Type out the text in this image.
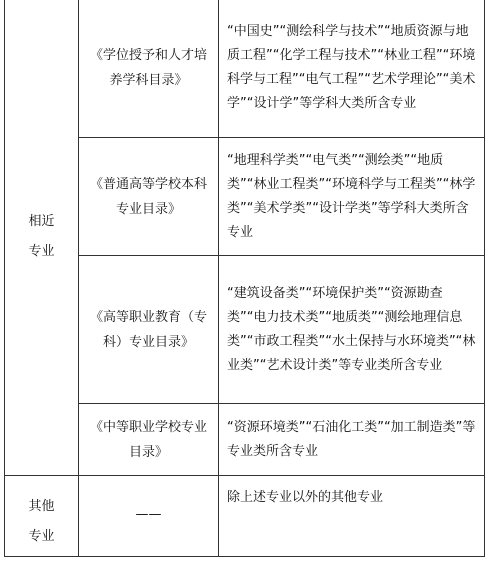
相近
专业	《学位授予和人才培养学科目录》	“中国史”“测绘科学与技术”“地质资源与地质工程”“化学工程与技术”“林业工程”“环境科学与工程”“电气工程”“艺术学理论”“美术学”“设计学”等学科大类所含专业
	《普通高等学校本科专业目录》	“地理科学类”“电气类”“测绘类”“地质类”“林业工程类”“环境科学与工程类”“林学类”“美术学类”“设计学类”等学科大类所含专业
	《高等职业教育（专科）专业目录》	“建筑设备类”“环境保护类”“资源勘查类”“电力技术类”“地质类”“测绘地理信息类”“市政工程类”“水土保持与水环境类”“林业类”“艺术设计类”等专业类所含专业
	《中等职业学校专业目录》	“资源环境类”“石油化工类”“加工制造类”等专业类所含专业

其他
专业	——	除上述专业以外的其他专业
